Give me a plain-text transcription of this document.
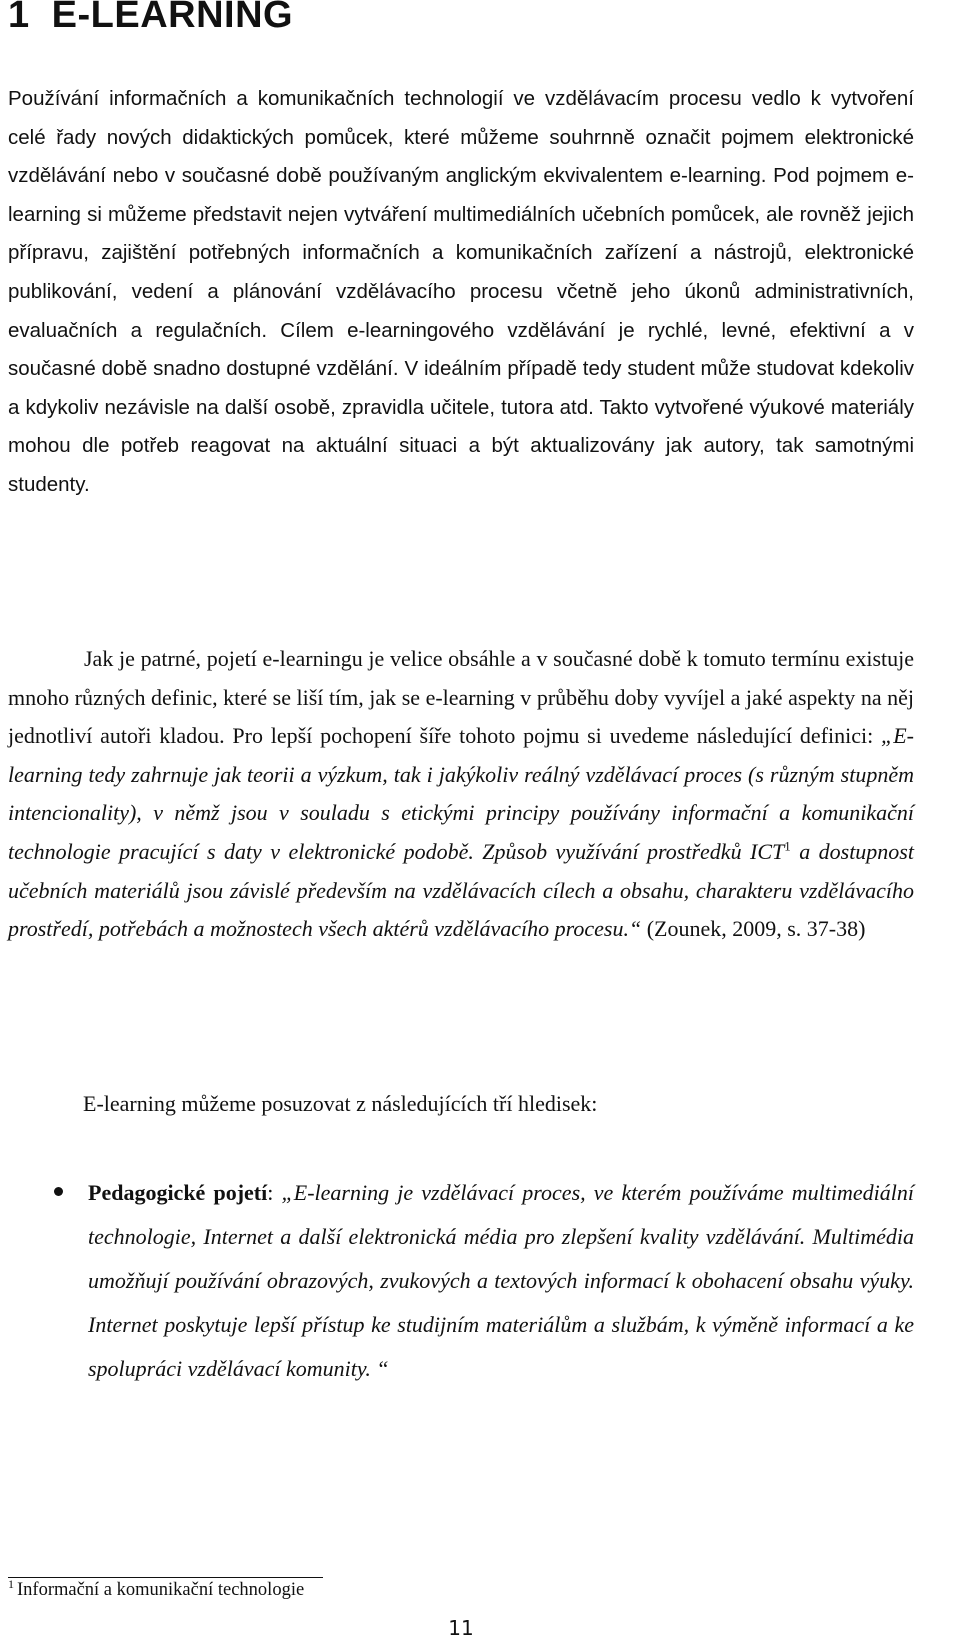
1 E-LEARNING

Používání informačních a komunikačních technologií ve vzdělávacím procesu vedlo k vytvoření celé řady nových didaktických pomůcek, které můžeme souhrnně označit pojmem elektronické vzdělávání nebo v současné době používaným anglickým ekvivalentem e-learning. Pod pojmem e-learning si můžeme představit nejen vytváření multimediálních učebních pomůcek, ale rovněž jejich přípravu, zajištění potřebných informačních a komunikačních zařízení a nástrojů, elektronické publikování, vedení a plánování vzdělávacího procesu včetně jeho úkonů administrativních, evaluačních a regulačních. Cílem e-learningového vzdělávání je rychlé, levné, efektivní a v současné době snadno dostupné vzdělání. V ideálním případě tedy student může studovat kdekoliv a kdykoliv nezávisle na další osobě, zpravidla učitele, tutora atd. Takto vytvořené výukové materiály mohou dle potřeb reagovat na aktuální situaci a být aktualizovány jak autory, tak samotnými studenty.

Jak je patrné, pojetí e-learningu je velice obsáhle a v současné době k tomuto termínu existuje mnoho různých definic, které se liší tím, jak se e-learning v průběhu doby vyvíjel a jaké aspekty na něj jednotliví autoři kladou. Pro lepší pochopení šíře tohoto pojmu si uvedeme následující definici: „E-learning tedy zahrnuje jak teorii a výzkum, tak i jakýkoliv reálný vzdělávací proces (s různým stupněm intencionality), v němž jsou v souladu s etickými principy používány informační a komunikační technologie pracující s daty v elektronické podobě. Způsob využívání prostředků ICT$^1$ a dostupnost učebních materiálů jsou závislé především na vzdělávacích cílech a obsahu, charakteru vzdělávacího prostředí, potřebách a možnostech všech aktérů vzdělávacího procesu.“ (Zounek, 2009, s. 37-38)

E-learning můžeme posuzovat z následujících tří hledisek:

Pedagogické pojetí: „E-learning je vzdělávací proces, ve kterém používáme multimediální technologie, Internet a další elektronická média pro zlepšení kvality vzdělávání. Multimédia umožňují používání obrazových, zvukových a textových informací k obohacení obsahu výuky. Internet poskytuje lepší přístup ke studijním materiálům a službám, k výměně informací a ke spolupráci vzdělávací komunity. “
$^1$ Informační a komunikační technologie
11
